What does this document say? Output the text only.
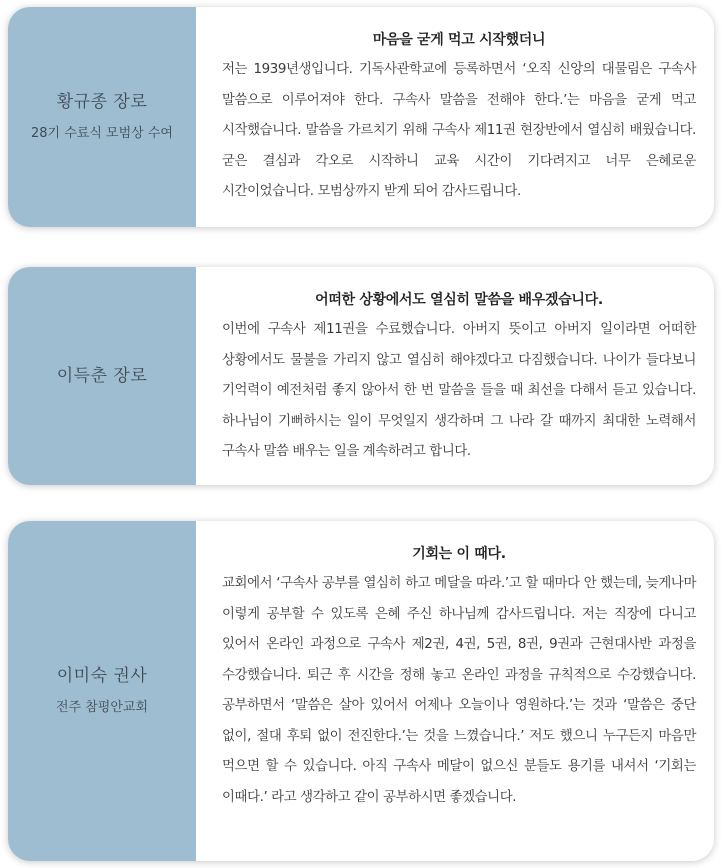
황규종 장로
28기 수료식 모범상 수여
마음을 굳게 먹고 시작했더니
저는 1939년생입니다. 기독사관학교에 등록하면서 ‘오직 신앙의 대물림은 구속사 말씀으로 이루어져야 한다. 구속사 말씀을 전해야 한다.’는 마음을 굳게 먹고 시작했습니다. 말씀을 가르치기 위해 구속사 제11권 현장반에서 열심히 배웠습니다. 굳은 결심과 각오로 시작하니 교육 시간이 기다려지고 너무 은혜로운 시간이었습니다. 모범상까지 받게 되어 감사드립니다.
이득춘 장로
어떠한 상황에서도 열심히 말씀을 배우겠습니다.
이번에 구속사 제11권을 수료했습니다. 아버지 뜻이고 아버지 일이라면 어떠한 상황에서도 물불을 가리지 않고 열심히 해야겠다고 다짐했습니다. 나이가 들다보니 기억력이 예전처럼 좋지 않아서 한 번 말씀을 들을 때 최선을 다해서 듣고 있습니다. 하나님이 기뻐하시는 일이 무엇일지 생각하며 그 나라 갈 때까지 최대한 노력해서 구속사 말씀 배우는 일을 계속하려고 합니다.
이미숙 권사
전주 참평안교회
기회는 이 때다.
교회에서 ‘구속사 공부를 열심히 하고 메달을 따라.’고 할 때마다 안 했는데, 늦게나마 이렇게 공부할 수 있도록 은혜 주신 하나님께 감사드립니다. 저는 직장에 다니고 있어서 온라인 과정으로 구속사 제2권, 4권, 5권, 8권, 9권과 근현대사반 과정을 수강했습니다. 퇴근 후 시간을 정해 놓고 온라인 과정을 규칙적으로 수강했습니다. 공부하면서 ‘말씀은 살아 있어서 어제나 오늘이나 영원하다.’는 것과 ‘말씀은 중단 없이, 절대 후퇴 없이 전진한다.’는 것을 느꼈습니다.’ 저도 했으니 누구든지 마음만 먹으면 할 수 있습니다. 아직 구속사 메달이 없으신 분들도 용기를 내셔서 ‘기회는 이때다.’ 라고 생각하고 같이 공부하시면 좋겠습니다.
